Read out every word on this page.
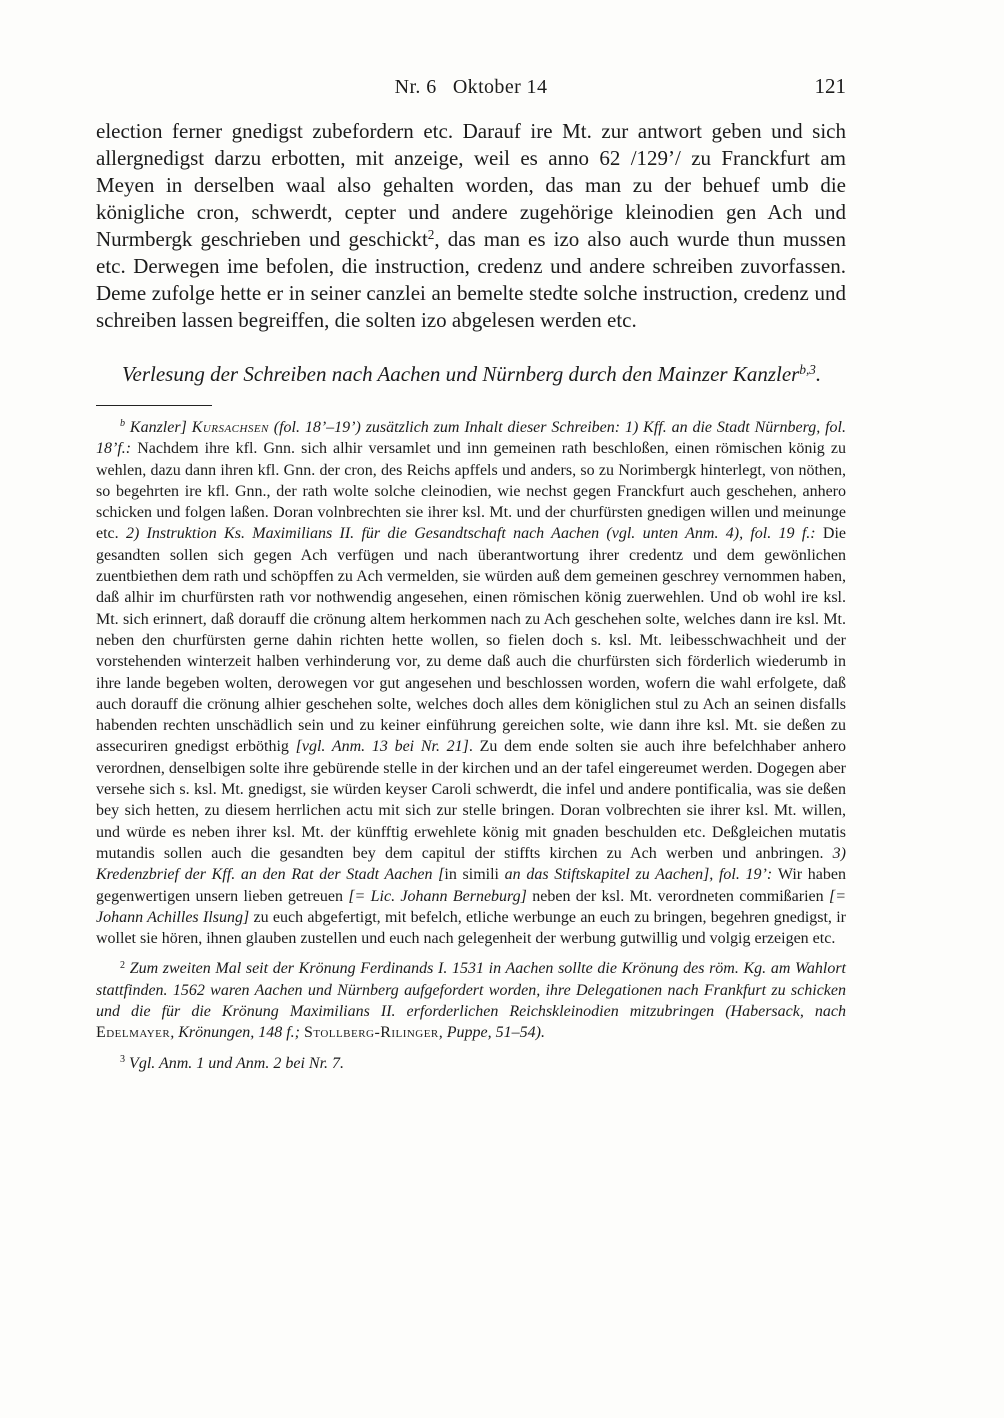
Nr. 6   Oktober 14	121

election ferner gnedigst zubefordern etc. Darauf ire Mt. zur antwort geben und sich allergnedigst darzu erbotten, mit anzeige, weil es anno 62 /129’/ zu Franckfurt am Meyen in derselben waal also gehalten worden, das man zu der behuef umb die königliche cron, schwerdt, cepter und andere zugehörige kleinodien gen Ach und Nurmbergk geschrieben und geschickt$^2$, das man es izo also auch wurde thun mussen etc. Derwegen ime befolen, die instruction, credenz und andere schreiben zuvorfassen. Deme zufolge hette er in seiner canzlei an bemelte stedte solche instruction, credenz und schreiben lassen begreiffen, die solten izo abgelesen werden etc.

Verlesung der Schreiben nach Aachen und Nürnberg durch den Mainzer Kanzler$^{b,3}$.

$^b$ Kanzler] Kursachsen (fol. 18’–19’) zusätzlich zum Inhalt dieser Schreiben: 1) Kff. an die Stadt Nürnberg, fol. 18’f.: Nachdem ihre kfl. Gnn. sich alhir versamlet und inn gemeinen rath beschloßen, einen römischen könig zu wehlen, dazu dann ihren kfl. Gnn. der cron, des Reichs apffels und anders, so zu Norimbergk hinterlegt, von nöthen, so begehrten ire kfl. Gnn., der rath wolte solche cleinodien, wie nechst gegen Franckfurt auch geschehen, anhero schicken und folgen laßen. Doran volnbrechten sie ihrer ksl. Mt. und der churfürsten gnedigen willen und meinunge etc. 2) Instruktion Ks. Maximilians II. für die Gesandtschaft nach Aachen (vgl. unten Anm. 4), fol. 19 f.: Die gesandten sollen sich gegen Ach verfügen und nach überantwortung ihrer credentz und dem gewönlichen zuentbiethen dem rath und schöpffen zu Ach vermelden, sie würden auß dem gemeinen geschrey vernommen haben, daß alhir im churfürsten rath vor nothwendig angesehen, einen römischen könig zuerwehlen. Und ob wohl ire ksl. Mt. sich erinnert, daß dorauff die crönung altem herkommen nach zu Ach geschehen solte, welches dann ire ksl. Mt. neben den churfürsten gerne dahin richten hette wollen, so fielen doch s. ksl. Mt. leibesschwachheit und der vorstehenden winterzeit halben verhinderung vor, zu deme daß auch die churfürsten sich förderlich wiederumb in ihre lande begeben wolten, derowegen vor gut angesehen und beschlossen worden, wofern die wahl erfolgete, daß auch dorauff die crönung alhier geschehen solte, welches doch alles dem königlichen stul zu Ach an seinen disfalls habenden rechten unschädlich sein und zu keiner einführung gereichen solte, wie dann ihre ksl. Mt. sie deßen zu assecuriren gnedigst erböthig [vgl. Anm. 13 bei Nr. 21]. Zu dem ende solten sie auch ihre befelchhaber anhero verordnen, denselbigen solte ihre gebürende stelle in der kirchen und an der tafel eingereumet werden. Dogegen aber versehe sich s. ksl. Mt. gnedigst, sie würden keyser Caroli schwerdt, die infel und andere pontificalia, was sie deßen bey sich hetten, zu diesem herrlichen actu mit sich zur stelle bringen. Doran volbrechten sie ihrer ksl. Mt. willen, und würde es neben ihrer ksl. Mt. der künfftig erwehlete könig mit gnaden beschulden etc. Deßgleichen mutatis mutandis sollen auch die gesandten bey dem capitul der stiffts kirchen zu Ach werben und anbringen. 3) Kredenzbrief der Kff. an den Rat der Stadt Aachen [in simili an das Stiftskapitel zu Aachen], fol. 19’: Wir haben gegenwertigen unsern lieben getreuen [= Lic. Johann Berneburg] neben der ksl. Mt. verordneten commißarien [= Johann Achilles Ilsung] zu euch abgefertigt, mit befelch, etliche werbunge an euch zu bringen, begehren gnedigst, ir wollet sie hören, ihnen glauben zustellen und euch nach gelegenheit der werbung gutwillig und volgig erzeigen etc.

$^2$ Zum zweiten Mal seit der Krönung Ferdinands I. 1531 in Aachen sollte die Krönung des röm. Kg. am Wahlort stattfinden. 1562 waren Aachen und Nürnberg aufgefordert worden, ihre Delegationen nach Frankfurt zu schicken und die für die Krönung Maximilians II. erforderlichen Reichskleinodien mitzubringen (Habersack, nach Edelmayer, Krönungen, 148 f.; Stollberg-Rilinger, Puppe, 51–54).

$^3$ Vgl. Anm. 1 und Anm. 2 bei Nr. 7.
